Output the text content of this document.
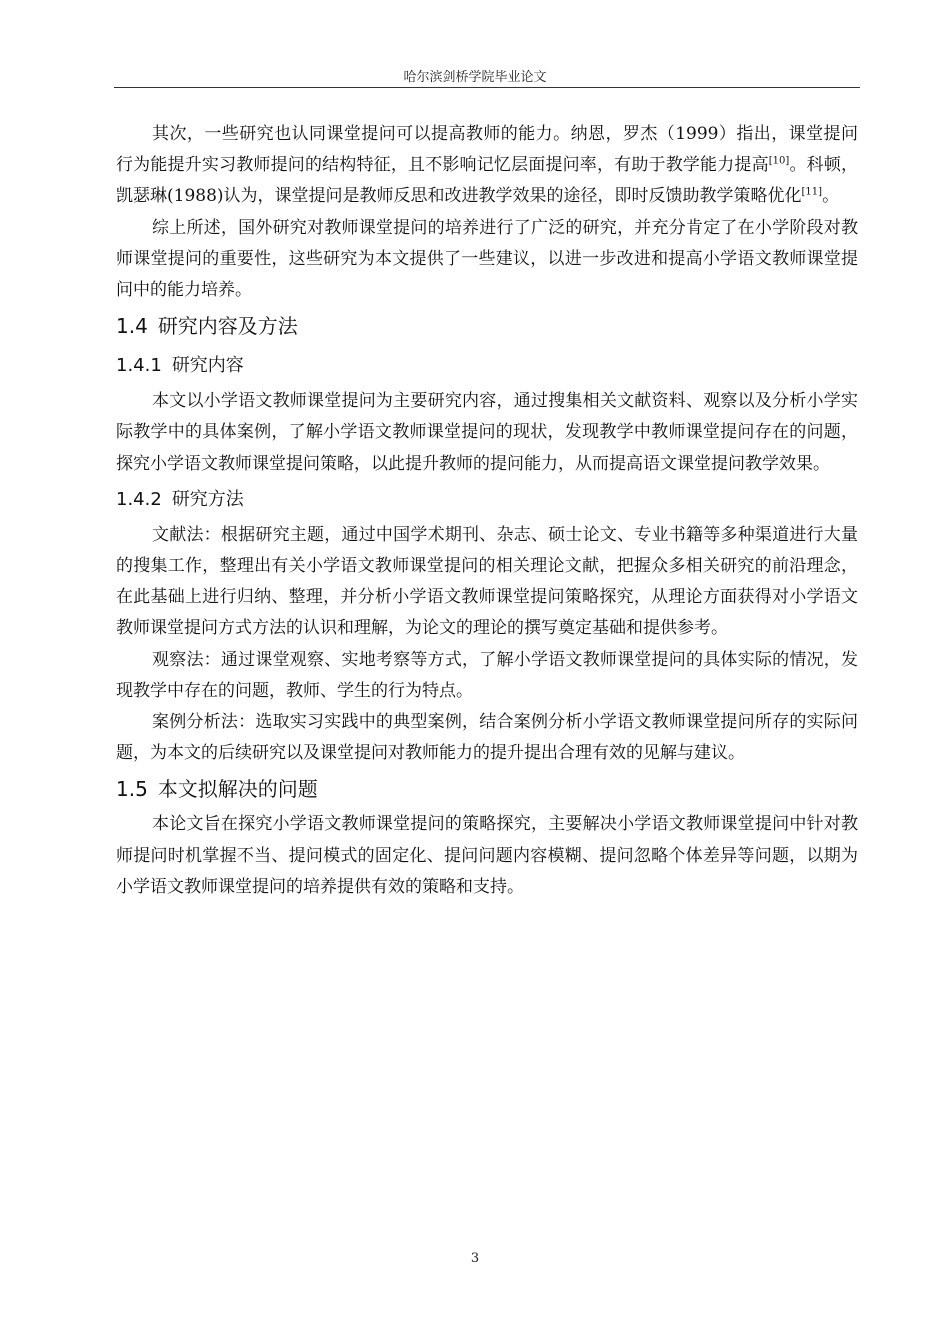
哈尔滨剑桥学院毕业论文

其次，一些研究也认同课堂提问可以提高教师的能力。纳恩，罗杰（1999）指出，课堂提问行为能提升实习教师提问的结构特征，且不影响记忆层面提问率，有助于教学能力提高[10]。科顿，凯瑟琳(1988)认为，课堂提问是教师反思和改进教学效果的途径，即时反馈助教学策略优化[11]。

综上所述，国外研究对教师课堂提问的培养进行了广泛的研究，并充分肯定了在小学阶段对教师课堂提问的重要性，这些研究为本文提供了一些建议，以进一步改进和提高小学语文教师课堂提问中的能力培养。

1.4 研究内容及方法
1.4.1 研究内容

本文以小学语文教师课堂提问为主要研究内容，通过搜集相关文献资料、观察以及分析小学实际教学中的具体案例，了解小学语文教师课堂提问的现状，发现教学中教师课堂提问存在的问题，探究小学语文教师课堂提问策略，以此提升教师的提问能力，从而提高语文课堂提问教学效果。

1.4.2 研究方法

文献法：根据研究主题，通过中国学术期刊、杂志、硕士论文、专业书籍等多种渠道进行大量的搜集工作，整理出有关小学语文教师课堂提问的相关理论文献，把握众多相关研究的前沿理念，在此基础上进行归纳、整理，并分析小学语文教师课堂提问策略探究，从理论方面获得对小学语文教师课堂提问方式方法的认识和理解，为论文的理论的撰写奠定基础和提供参考。

观察法：通过课堂观察、实地考察等方式，了解小学语文教师课堂提问的具体实际的情况，发现教学中存在的问题，教师、学生的行为特点。

案例分析法：选取实习实践中的典型案例，结合案例分析小学语文教师课堂提问所存的实际问题，为本文的后续研究以及课堂提问对教师能力的提升提出合理有效的见解与建议。

1.5 本文拟解决的问题

本论文旨在探究小学语文教师课堂提问的策略探究，主要解决小学语文教师课堂提问中针对教师提问时机掌握不当、提问模式的固定化、提问问题内容模糊、提问忽略个体差异等问题，以期为小学语文教师课堂提问的培养提供有效的策略和支持。

3
